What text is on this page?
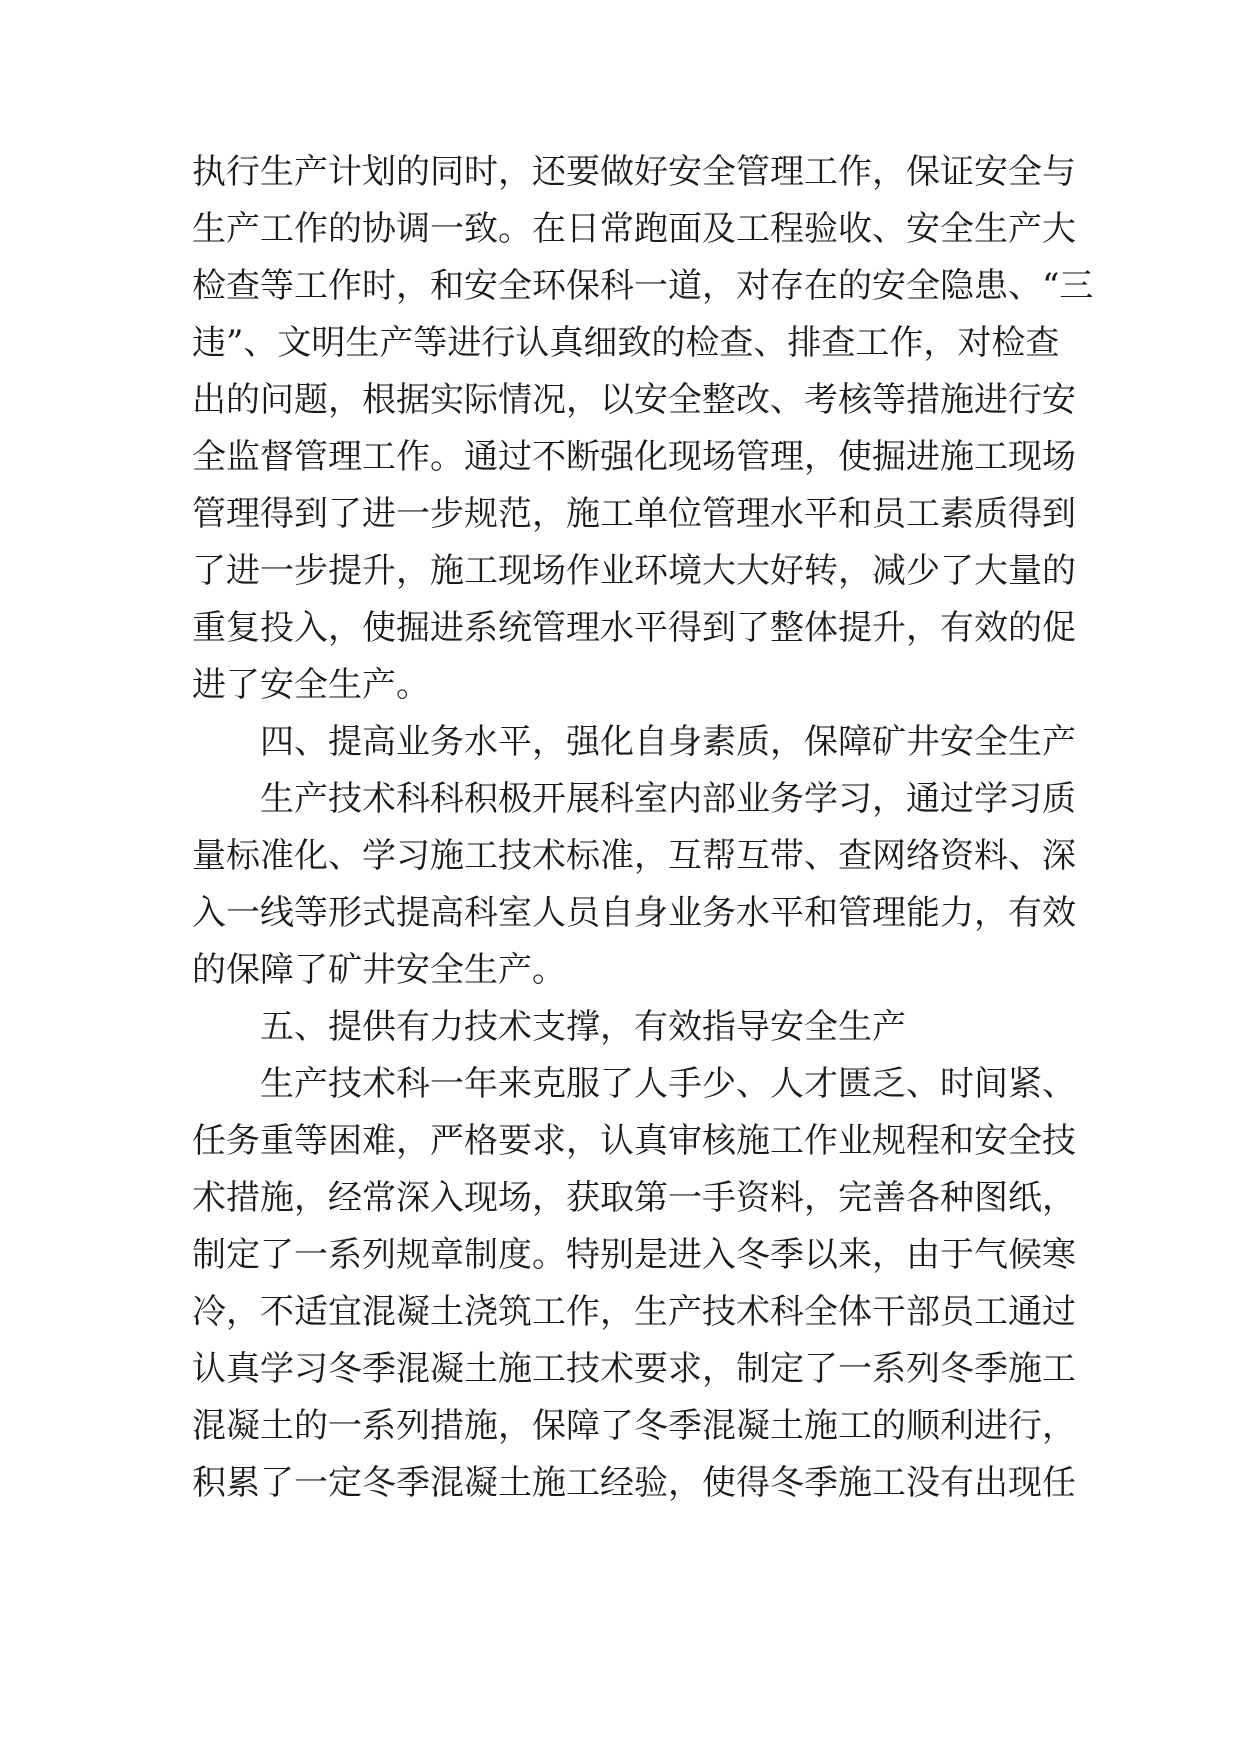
执行生产计划的同时，还要做好安全管理工作，保证安全与
生产工作的协调一致。在日常跑面及工程验收、安全生产大
检查等工作时，和安全环保科一道，对存在的安全隐患、“三
违”、文明生产等进行认真细致的检查、排查工作，对检查
出的问题，根据实际情况，以安全整改、考核等措施进行安
全监督管理工作。通过不断强化现场管理，使掘进施工现场
管理得到了进一步规范，施工单位管理水平和员工素质得到
了进一步提升，施工现场作业环境大大好转，减少了大量的
重复投入，使掘进系统管理水平得到了整体提升，有效的促
进了安全生产。
四、提高业务水平，强化自身素质，保障矿井安全生产
生产技术科科积极开展科室内部业务学习，通过学习质
量标准化、学习施工技术标准，互帮互带、查网络资料、深
入一线等形式提高科室人员自身业务水平和管理能力，有效
的保障了矿井安全生产。
五、提供有力技术支撑，有效指导安全生产
生产技术科一年来克服了人手少、人才匮乏、时间紧、
任务重等困难，严格要求，认真审核施工作业规程和安全技
术措施，经常深入现场，获取第一手资料，完善各种图纸，
制定了一系列规章制度。特别是进入冬季以来，由于气候寒
冷，不适宜混凝土浇筑工作，生产技术科全体干部员工通过
认真学习冬季混凝土施工技术要求，制定了一系列冬季施工
混凝土的一系列措施，保障了冬季混凝土施工的顺利进行，
积累了一定冬季混凝土施工经验，使得冬季施工没有出现任
